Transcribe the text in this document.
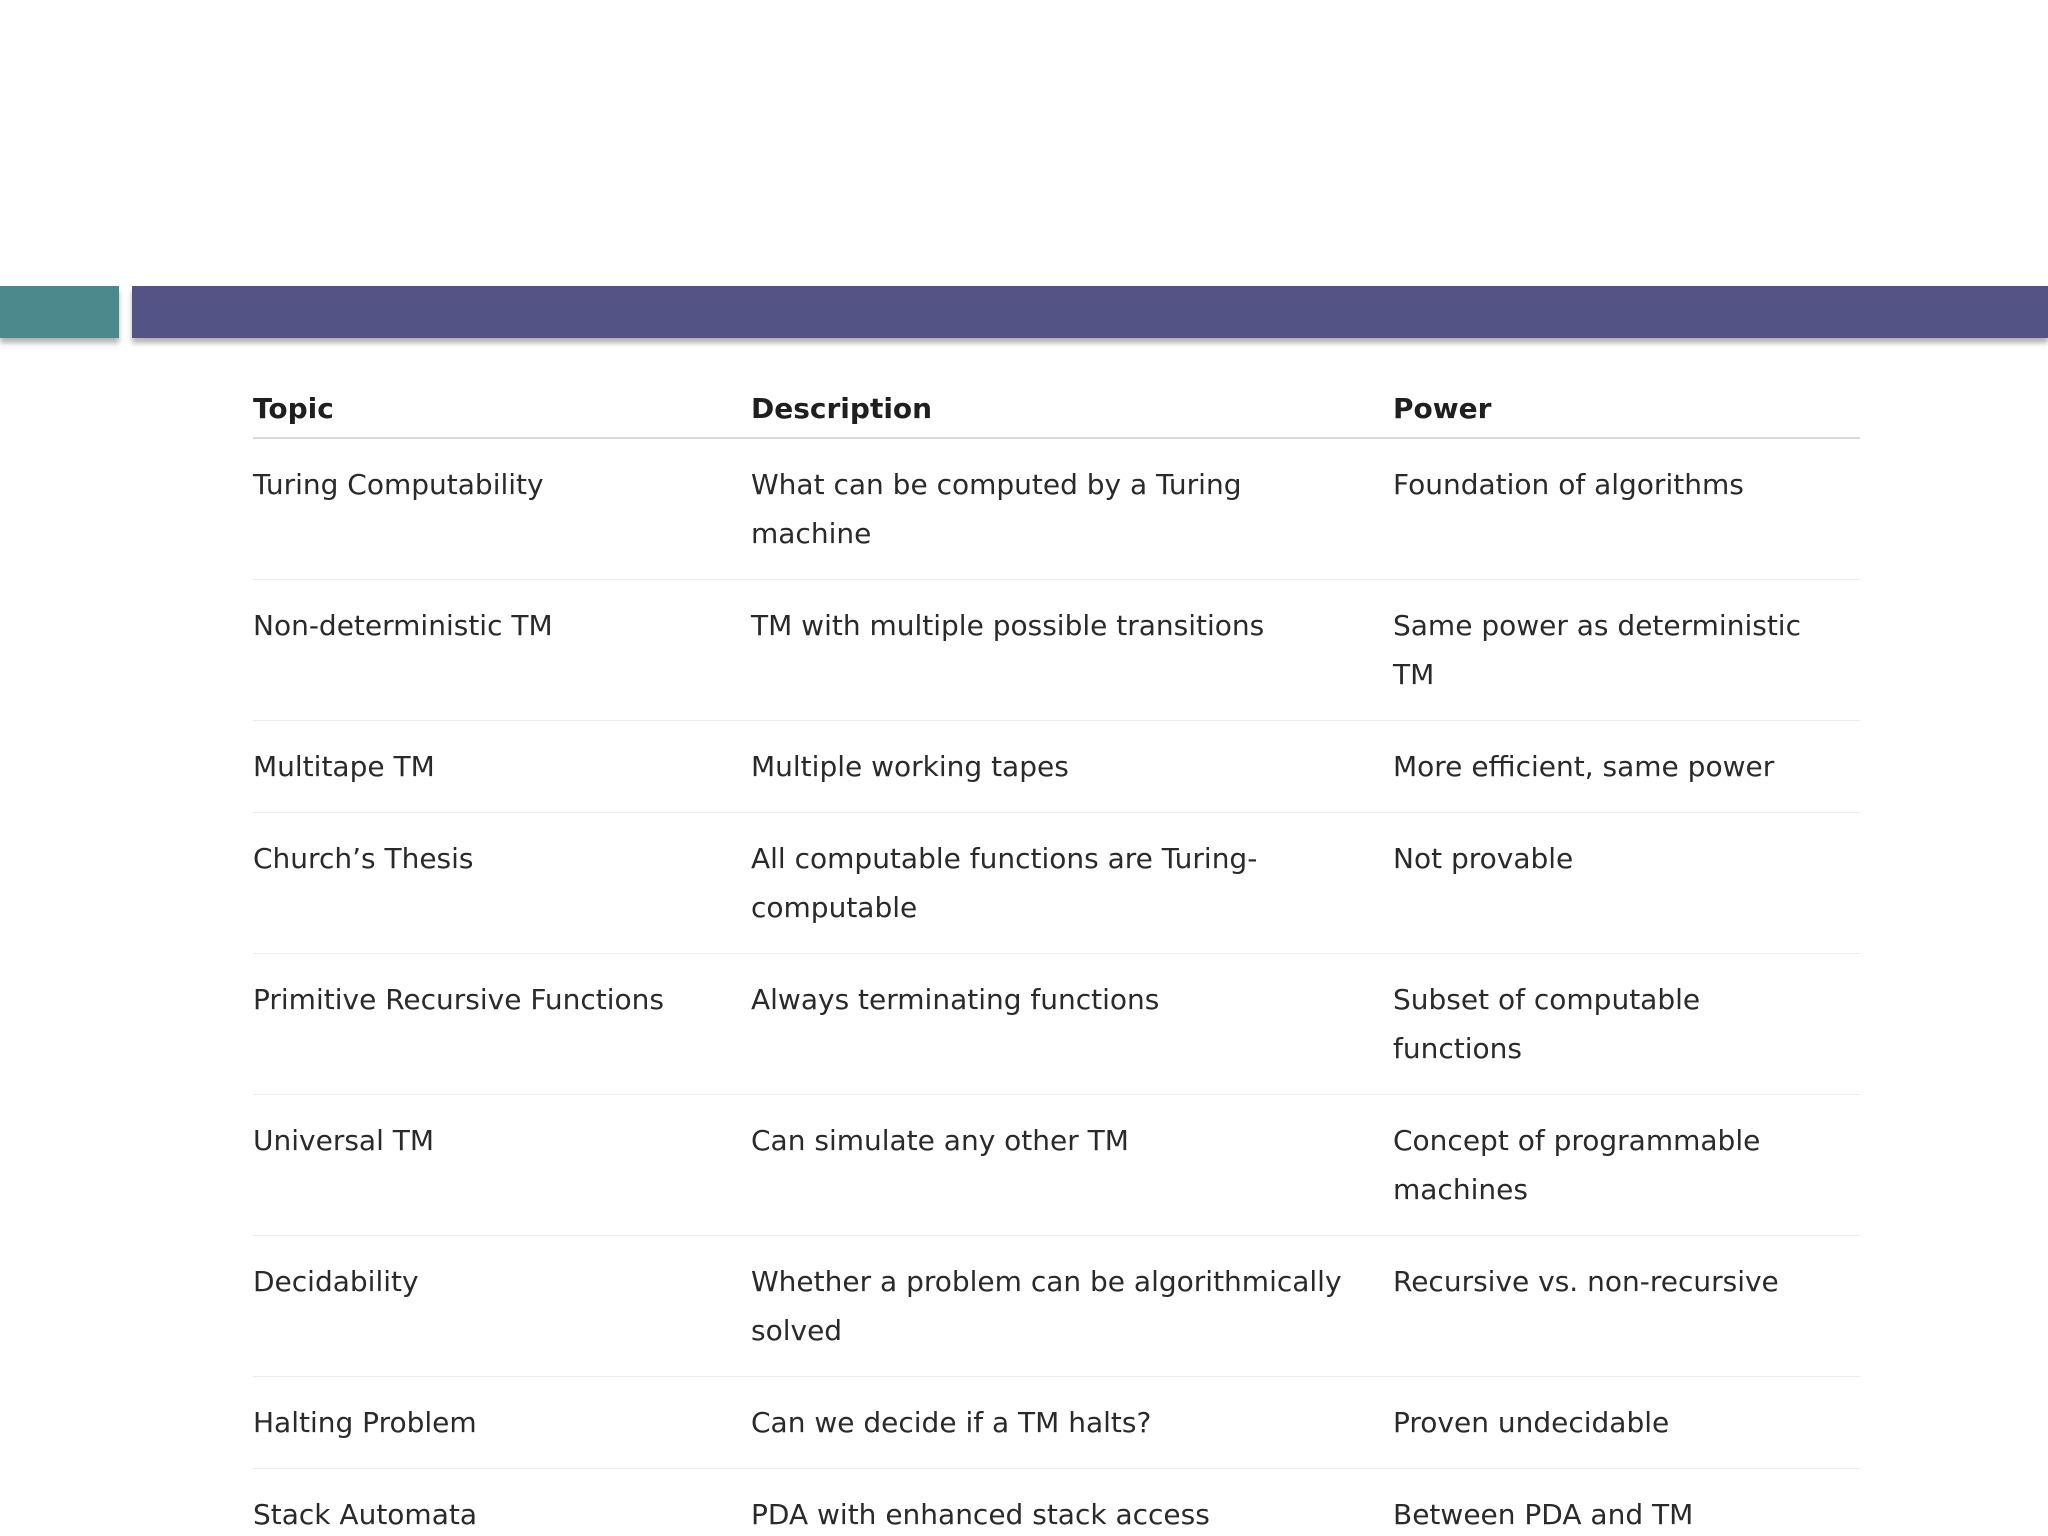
Topic	Description	Power
Turing Computability	What can be computed by a Turing machine	Foundation of algorithms
Non-deterministic TM	TM with multiple possible transitions	Same power as deterministic TM
Multitape TM	Multiple working tapes	More efficient, same power
Church’s Thesis	All computable functions are Turing-computable	Not provable
Primitive Recursive Functions	Always terminating functions	Subset of computable functions
Universal TM	Can simulate any other TM	Concept of programmable machines
Decidability	Whether a problem can be algorithmically solved	Recursive vs. non-recursive
Halting Problem	Can we decide if a TM halts?	Proven undecidable
Stack Automata	PDA with enhanced stack access	Between PDA and TM
